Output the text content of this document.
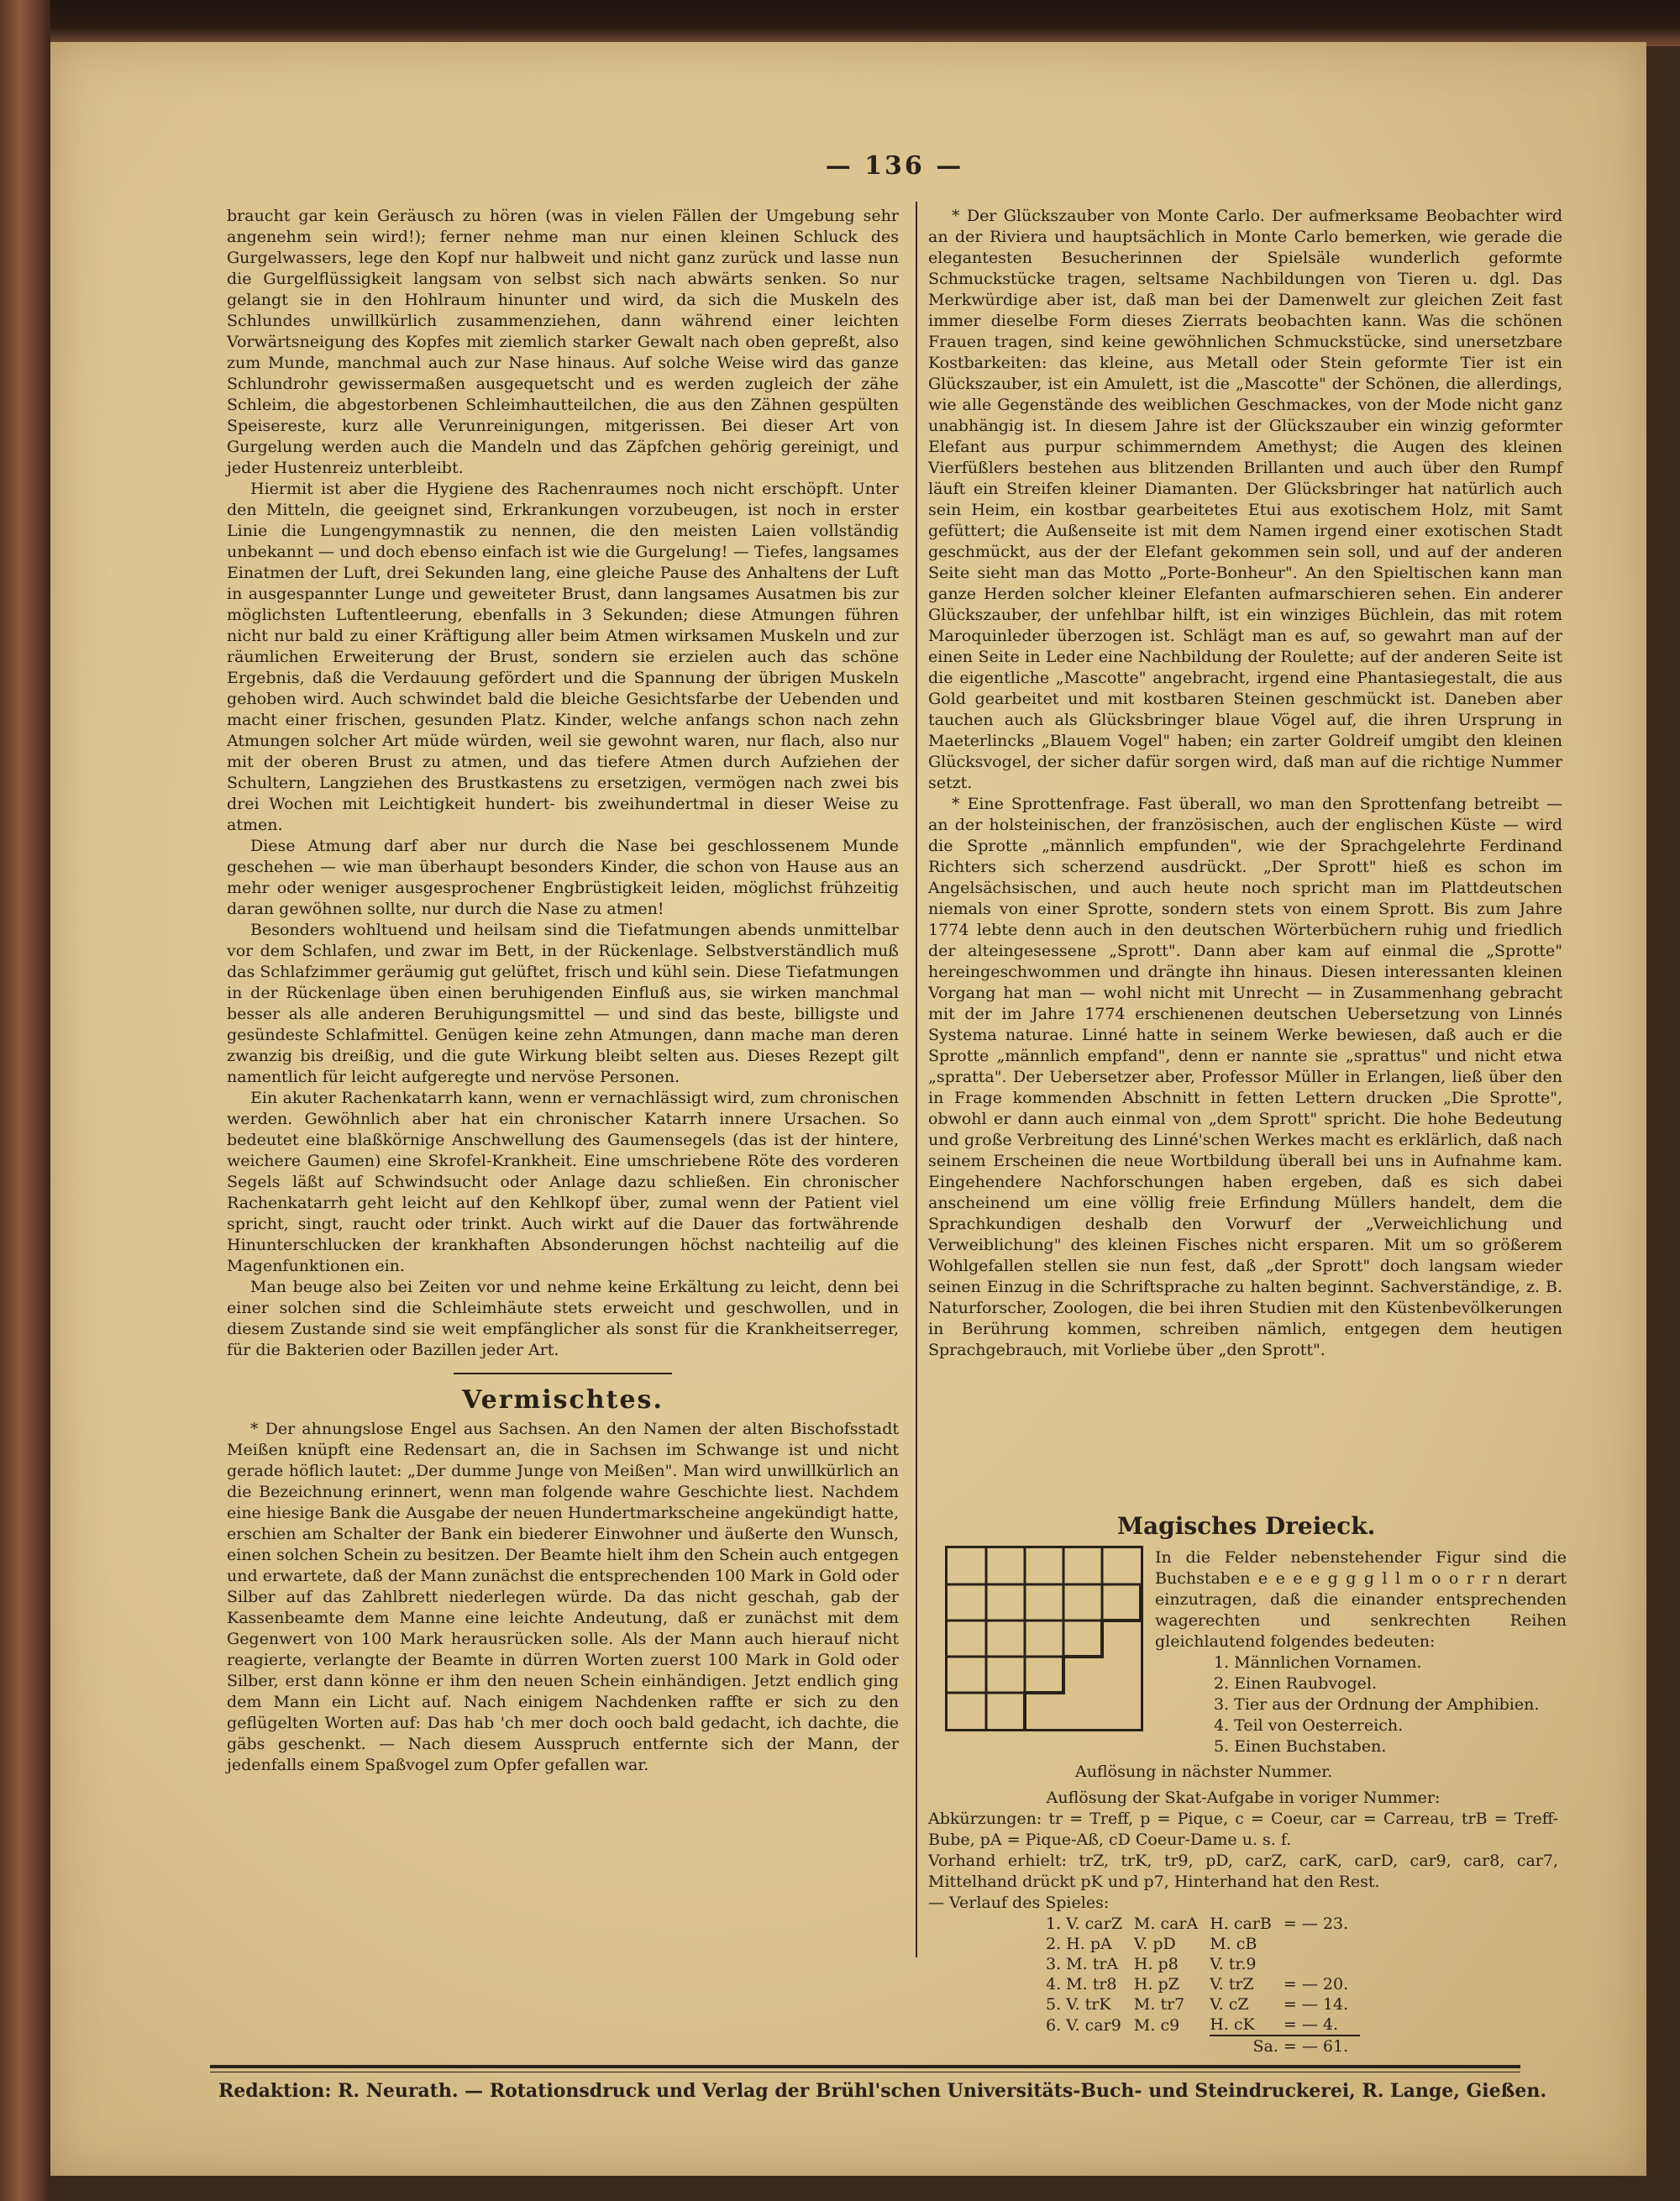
— 136 —

braucht gar kein Geräusch zu hören (was in vielen Fällen der Umgebung sehr angenehm sein wird!); ferner nehme man nur einen kleinen Schluck des Gurgelwassers, lege den Kopf nur halbweit und nicht ganz zurück und lasse nun die Gurgelflüssigkeit langsam von selbst sich nach abwärts senken. So nur gelangt sie in den Hohlraum hinunter und wird, da sich die Muskeln des Schlundes unwillkürlich zusammenziehen, dann während einer leichten Vorwärtsneigung des Kopfes mit ziemlich starker Gewalt nach oben gepreßt, also zum Munde, manchmal auch zur Nase hinaus. Auf solche Weise wird das ganze Schlundrohr gewissermaßen ausgequetscht und es werden zugleich der zähe Schleim, die abgestorbenen Schleimhautteilchen, die aus den Zähnen gespülten Speisereste, kurz alle Verunreinigungen, mitgerissen. Bei dieser Art von Gurgelung werden auch die Mandeln und das Zäpfchen gehörig gereinigt, und jeder Hustenreiz unterbleibt.

Hiermit ist aber die Hygiene des Rachenraumes noch nicht erschöpft. Unter den Mitteln, die geeignet sind, Erkrankungen vorzubeugen, ist noch in erster Linie die Lungengymnastik zu nennen, die den meisten Laien vollständig unbekannt — und doch ebenso einfach ist wie die Gurgelung! — Tiefes, langsames Einatmen der Luft, drei Sekunden lang, eine gleiche Pause des Anhaltens der Luft in ausgespannter Lunge und geweiteter Brust, dann langsames Ausatmen bis zur möglichsten Luftentleerung, ebenfalls in 3 Sekunden; diese Atmungen führen nicht nur bald zu einer Kräftigung aller beim Atmen wirksamen Muskeln und zur räumlichen Erweiterung der Brust, sondern sie erzielen auch das schöne Ergebnis, daß die Verdauung gefördert und die Spannung der übrigen Muskeln gehoben wird. Auch schwindet bald die bleiche Gesichtsfarbe der Uebenden und macht einer frischen, gesunden Platz. Kinder, welche anfangs schon nach zehn Atmungen solcher Art müde würden, weil sie gewohnt waren, nur flach, also nur mit der oberen Brust zu atmen, und das tiefere Atmen durch Aufziehen der Schultern, Langziehen des Brustkastens zu ersetzigen, vermögen nach zwei bis drei Wochen mit Leichtigkeit hundert- bis zweihundertmal in dieser Weise zu atmen.

Diese Atmung darf aber nur durch die Nase bei geschlossenem Munde geschehen — wie man überhaupt besonders Kinder, die schon von Hause aus an mehr oder weniger ausgesprochener Engbrüstigkeit leiden, möglichst frühzeitig daran gewöhnen sollte, nur durch die Nase zu atmen!

Besonders wohltuend und heilsam sind die Tiefatmungen abends unmittelbar vor dem Schlafen, und zwar im Bett, in der Rückenlage. Selbstverständlich muß das Schlafzimmer geräumig gut gelüftet, frisch und kühl sein. Diese Tiefatmungen in der Rückenlage üben einen beruhigenden Einfluß aus, sie wirken manchmal besser als alle anderen Beruhigungsmittel — und sind das beste, billigste und gesündeste Schlafmittel. Genügen keine zehn Atmungen, dann mache man deren zwanzig bis dreißig, und die gute Wirkung bleibt selten aus. Dieses Rezept gilt namentlich für leicht aufgeregte und nervöse Personen.

Ein akuter Rachenkatarrh kann, wenn er vernachlässigt wird, zum chronischen werden. Gewöhnlich aber hat ein chronischer Katarrh innere Ursachen. So bedeutet eine blaßkörnige Anschwellung des Gaumensegels (das ist der hintere, weichere Gaumen) eine Skrofel-Krankheit. Eine umschriebene Röte des vorderen Segels läßt auf Schwindsucht oder Anlage dazu schließen. Ein chronischer Rachenkatarrh geht leicht auf den Kehlkopf über, zumal wenn der Patient viel spricht, singt, raucht oder trinkt. Auch wirkt auf die Dauer das fortwährende Hinunterschlucken der krankhaften Absonderungen höchst nachteilig auf die Magenfunktionen ein.

Man beuge also bei Zeiten vor und nehme keine Erkältung zu leicht, denn bei einer solchen sind die Schleimhäute stets erweicht und geschwollen, und in diesem Zustande sind sie weit empfänglicher als sonst für die Krankheitserreger, für die Bakterien oder Bazillen jeder Art.

Vermischtes.

* Der ahnungslose Engel aus Sachsen. An den Namen der alten Bischofsstadt Meißen knüpft eine Redensart an, die in Sachsen im Schwange ist und nicht gerade höflich lautet: „Der dumme Junge von Meißen". Man wird unwillkürlich an die Bezeichnung erinnert, wenn man folgende wahre Geschichte liest. Nachdem eine hiesige Bank die Ausgabe der neuen Hundertmarkscheine angekündigt hatte, erschien am Schalter der Bank ein biederer Einwohner und äußerte den Wunsch, einen solchen Schein zu besitzen. Der Beamte hielt ihm den Schein auch entgegen und erwartete, daß der Mann zunächst die entsprechenden 100 Mark in Gold oder Silber auf das Zahlbrett niederlegen würde. Da das nicht geschah, gab der Kassenbeamte dem Manne eine leichte Andeutung, daß er zunächst mit dem Gegenwert von 100 Mark herausrücken solle. Als der Mann auch hierauf nicht reagierte, verlangte der Beamte in dürren Worten zuerst 100 Mark in Gold oder Silber, erst dann könne er ihm den neuen Schein einhändigen. Jetzt endlich ging dem Mann ein Licht auf. Nach einigem Nachdenken raffte er sich zu den geflügelten Worten auf: Das hab 'ch mer doch ooch bald gedacht, ich dachte, die gäbs geschenkt. — Nach diesem Ausspruch entfernte sich der Mann, der jedenfalls einem Spaßvogel zum Opfer gefallen war.

* Der Glückszauber von Monte Carlo. Der aufmerksame Beobachter wird an der Riviera und hauptsächlich in Monte Carlo bemerken, wie gerade die elegantesten Besucherinnen der Spielsäle wunderlich geformte Schmuckstücke tragen, seltsame Nachbildungen von Tieren u. dgl. Das Merkwürdige aber ist, daß man bei der Damenwelt zur gleichen Zeit fast immer dieselbe Form dieses Zierrats beobachten kann. Was die schönen Frauen tragen, sind keine gewöhnlichen Schmuckstücke, sind unersetzbare Kostbarkeiten: das kleine, aus Metall oder Stein geformte Tier ist ein Glückszauber, ist ein Amulett, ist die „Mascotte" der Schönen, die allerdings, wie alle Gegenstände des weiblichen Geschmackes, von der Mode nicht ganz unabhängig ist. In diesem Jahre ist der Glückszauber ein winzig geformter Elefant aus purpur schimmerndem Amethyst; die Augen des kleinen Vierfüßlers bestehen aus blitzenden Brillanten und auch über den Rumpf läuft ein Streifen kleiner Diamanten. Der Glücksbringer hat natürlich auch sein Heim, ein kostbar gearbeitetes Etui aus exotischem Holz, mit Samt gefüttert; die Außenseite ist mit dem Namen irgend einer exotischen Stadt geschmückt, aus der der Elefant gekommen sein soll, und auf der anderen Seite sieht man das Motto „Porte-Bonheur". An den Spieltischen kann man ganze Herden solcher kleiner Elefanten aufmarschieren sehen. Ein anderer Glückszauber, der unfehlbar hilft, ist ein winziges Büchlein, das mit rotem Maroquinleder überzogen ist. Schlägt man es auf, so gewahrt man auf der einen Seite in Leder eine Nachbildung der Roulette; auf der anderen Seite ist die eigentliche „Mascotte" angebracht, irgend eine Phantasiegestalt, die aus Gold gearbeitet und mit kostbaren Steinen geschmückt ist. Daneben aber tauchen auch als Glücksbringer blaue Vögel auf, die ihren Ursprung in Maeterlincks „Blauem Vogel" haben; ein zarter Goldreif umgibt den kleinen Glücksvogel, der sicher dafür sorgen wird, daß man auf die richtige Nummer setzt.

* Eine Sprottenfrage. Fast überall, wo man den Sprottenfang betreibt — an der holsteinischen, der französischen, auch der englischen Küste — wird die Sprotte „männlich empfunden", wie der Sprachgelehrte Ferdinand Richters sich scherzend ausdrückt. „Der Sprott" hieß es schon im Angelsächsischen, und auch heute noch spricht man im Plattdeutschen niemals von einer Sprotte, sondern stets von einem Sprott. Bis zum Jahre 1774 lebte denn auch in den deutschen Wörterbüchern ruhig und friedlich der alteingesessene „Sprott". Dann aber kam auf einmal die „Sprotte" hereingeschwommen und drängte ihn hinaus. Diesen interessanten kleinen Vorgang hat man — wohl nicht mit Unrecht — in Zusammenhang gebracht mit der im Jahre 1774 erschienenen deutschen Uebersetzung von Linnés Systema naturae. Linné hatte in seinem Werke bewiesen, daß auch er die Sprotte „männlich empfand", denn er nannte sie „sprattus" und nicht etwa „spratta". Der Uebersetzer aber, Professor Müller in Erlangen, ließ über den in Frage kommenden Abschnitt in fetten Lettern drucken „Die Sprotte", obwohl er dann auch einmal von „dem Sprott" spricht. Die hohe Bedeutung und große Verbreitung des Linné'schen Werkes macht es erklärlich, daß nach seinem Erscheinen die neue Wortbildung überall bei uns in Aufnahme kam. Eingehendere Nachforschungen haben ergeben, daß es sich dabei anscheinend um eine völlig freie Erfindung Müllers handelt, dem die Sprachkundigen deshalb den Vorwurf der „Verweichlichung und Verweiblichung" des kleinen Fisches nicht ersparen. Mit um so größerem Wohlgefallen stellen sie nun fest, daß „der Sprott" doch langsam wieder seinen Einzug in die Schriftsprache zu halten beginnt. Sachverständige, z. B. Naturforscher, Zoologen, die bei ihren Studien mit den Küstenbevölkerungen in Berührung kommen, schreiben nämlich, entgegen dem heutigen Sprachgebrauch, mit Vorliebe über „den Sprott".

Magisches Dreieck.
In die Felder nebenstehender Figur sind die Buchstaben e e e e g g g l l m o o r r n derart einzutragen, daß die einander entsprechenden wagerechten und senkrechten Reihen gleichlautend folgendes bedeuten:
1. Männlichen Vornamen.
2. Einen Raubvogel.
3. Tier aus der Ordnung der Amphibien.
4. Teil von Oesterreich.
5. Einen Buchstaben.
Auflösung in nächster Nummer.

Auflösung der Skat-Aufgabe in voriger Nummer:

Abkürzungen: tr = Treff, p = Pique, c = Coeur, car = Carreau, trB = Treff-Bube, pA = Pique-Aß, cD Coeur-Dame u. s. f.

Vorhand erhielt: trZ, trK, tr9, pD, carZ, carK, carD, car9, car8, car7, Mittelhand drückt pK und p7, Hinterhand hat den Rest.

— Verlauf des Spieles:

1. V. carZ	M. carA	H. carB	= — 23.
2. H. pA	V. pD	M. cB	
3. M. trA	H. p8	V. tr.9	
4. M. tr8	H. pZ	V. trZ	= — 20.
5. V. trK	M. tr7	V. cZ	= — 14.
6. V. car9	M. c9	H. cK	= — 4.
		Sa. = — 61.	
Redaktion: R. Neurath. — Rotationsdruck und Verlag der Brühl'schen Universitäts-Buch- und Steindruckerei, R. Lange, Gießen.
